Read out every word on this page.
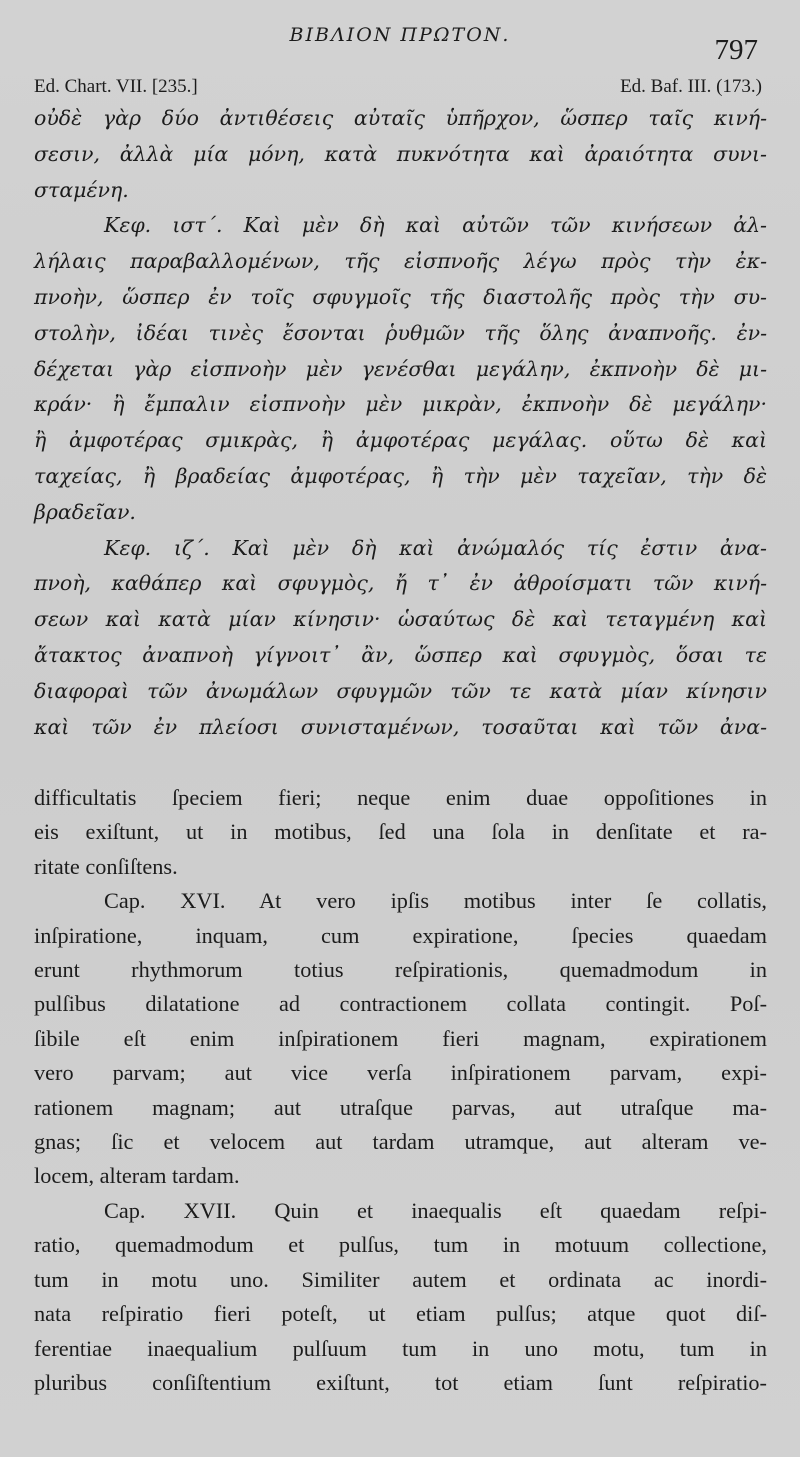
ΒΙΒΛΙΟΝ ΠΡΩΤΟΝ.	797
Ed. Chart. VII. [235.]	Ed. Baf. III. (173.)
οὐδὲ γὰρ δύο ἀντιθέσεις αὐταῖς ὑπῆρχον, ὥσπερ ταῖς κινή-
σεσιν, ἀλλὰ μία μόνη, κατὰ πυκνότητα καὶ ἀραιότητα συνι-
σταμένη.
Κεφ. ιστ΄. Καὶ μὲν δὴ καὶ αὐτῶν τῶν κινήσεων ἀλ-
λήλαις παραβαλλομένων, τῆς εἰσπνοῆς λέγω πρὸς τὴν ἐκ-
πνοὴν, ὥσπερ ἐν τοῖς σφυγμοῖς τῆς διαστολῆς πρὸς τὴν συ-
στολὴν, ἰδέαι τινὲς ἔσονται ῥυθμῶν τῆς ὅλης ἀναπνοῆς. ἐν-
δέχεται γὰρ εἰσπνοὴν μὲν γενέσθαι μεγάλην, ἐκπνοὴν δὲ μι-
κράν· ἢ ἔμπαλιν εἰσπνοὴν μὲν μικρὰν, ἐκπνοὴν δὲ μεγάλην·
ἢ ἀμφοτέρας σμικρὰς, ἢ ἀμφοτέρας μεγάλας. οὕτω δὲ καὶ
ταχείας, ἢ βραδείας ἀμφοτέρας, ἢ τὴν μὲν ταχεῖαν, τὴν δὲ
βραδεῖαν.
Κεφ. ιζ΄. Καὶ μὲν δὴ καὶ ἀνώμαλός τίς ἐστιν ἀνα-
πνοὴ, καθάπερ καὶ σφυγμὸς, ἤ τ᾽ ἐν ἀθροίσματι τῶν κινή-
σεων καὶ κατὰ μίαν κίνησιν· ὡσαύτως δὲ καὶ τεταγμένη καὶ
ἄτακτος ἀναπνοὴ γίγνοιτ᾽ ἂν, ὥσπερ καὶ σφυγμὸς, ὅσαι τε
διαφοραὶ τῶν ἀνωμάλων σφυγμῶν τῶν τε κατὰ μίαν κίνησιν
καὶ τῶν ἐν πλείοσι συνισταμένων, τοσαῦται καὶ τῶν ἀνα-
difficultatis ſpeciem fieri; neque enim duae oppoſitiones in
eis exiſtunt, ut in motibus, ſed una ſola in denſitate et ra-
ritate conſiſtens.
Cap. XVI. At vero ipſis motibus inter ſe collatis,
inſpiratione, inquam, cum expiratione, ſpecies quaedam
erunt rhythmorum totius reſpirationis, quemadmodum in
pulſibus dilatatione ad contractionem collata contingit. Poſ-
ſibile eſt enim inſpirationem fieri magnam, expirationem
vero parvam; aut vice verſa inſpirationem parvam, expi-
rationem magnam; aut utraſque parvas, aut utraſque ma-
gnas; ſic et velocem aut tardam utramque, aut alteram ve-
locem, alteram tardam.
Cap. XVII. Quin et inaequalis eſt quaedam reſpi-
ratio, quemadmodum et pulſus, tum in motuum collectione,
tum in motu uno. Similiter autem et ordinata ac inordi-
nata reſpiratio fieri poteſt, ut etiam pulſus; atque quot diſ-
ferentiae inaequalium pulſuum tum in uno motu, tum in
pluribus conſiſtentium exiſtunt, tot etiam ſunt reſpiratio-
